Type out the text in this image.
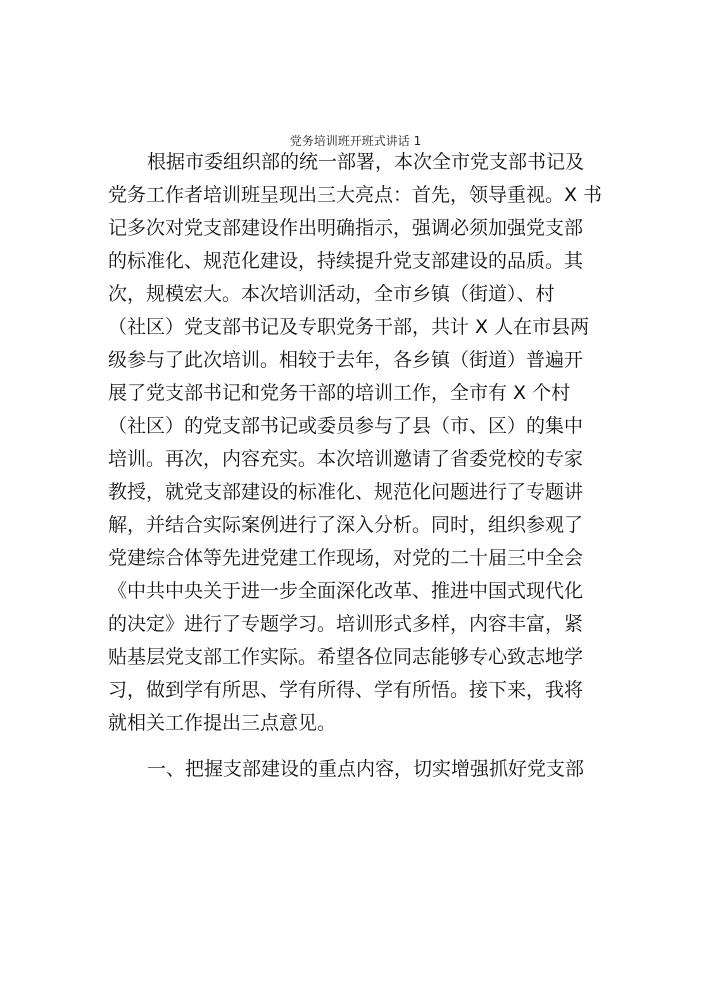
党务培训班开班式讲话 1
根据市委组织部的统一部署，本次全市党支部书记及
党务工作者培训班呈现出三大亮点：首先，领导重视。X 书
记多次对党支部建设作出明确指示，强调必须加强党支部
的标准化、规范化建设，持续提升党支部建设的品质。其
次，规模宏大。本次培训活动，全市乡镇（街道）、村
（社区）党支部书记及专职党务干部，共计 X 人在市县两
级参与了此次培训。相较于去年，各乡镇（街道）普遍开
展了党支部书记和党务干部的培训工作，全市有 X 个村
（社区）的党支部书记或委员参与了县（市、区）的集中
培训。再次，内容充实。本次培训邀请了省委党校的专家
教授，就党支部建设的标准化、规范化问题进行了专题讲
解，并结合实际案例进行了深入分析。同时，组织参观了
党建综合体等先进党建工作现场，对党的二十届三中全会
《中共中央关于进一步全面深化改革、推进中国式现代化
的决定》进行了专题学习。培训形式多样，内容丰富，紧
贴基层党支部工作实际。希望各位同志能够专心致志地学
习，做到学有所思、学有所得、学有所悟。接下来，我将
就相关工作提出三点意见。
一、把握支部建设的重点内容，切实增强抓好党支部
